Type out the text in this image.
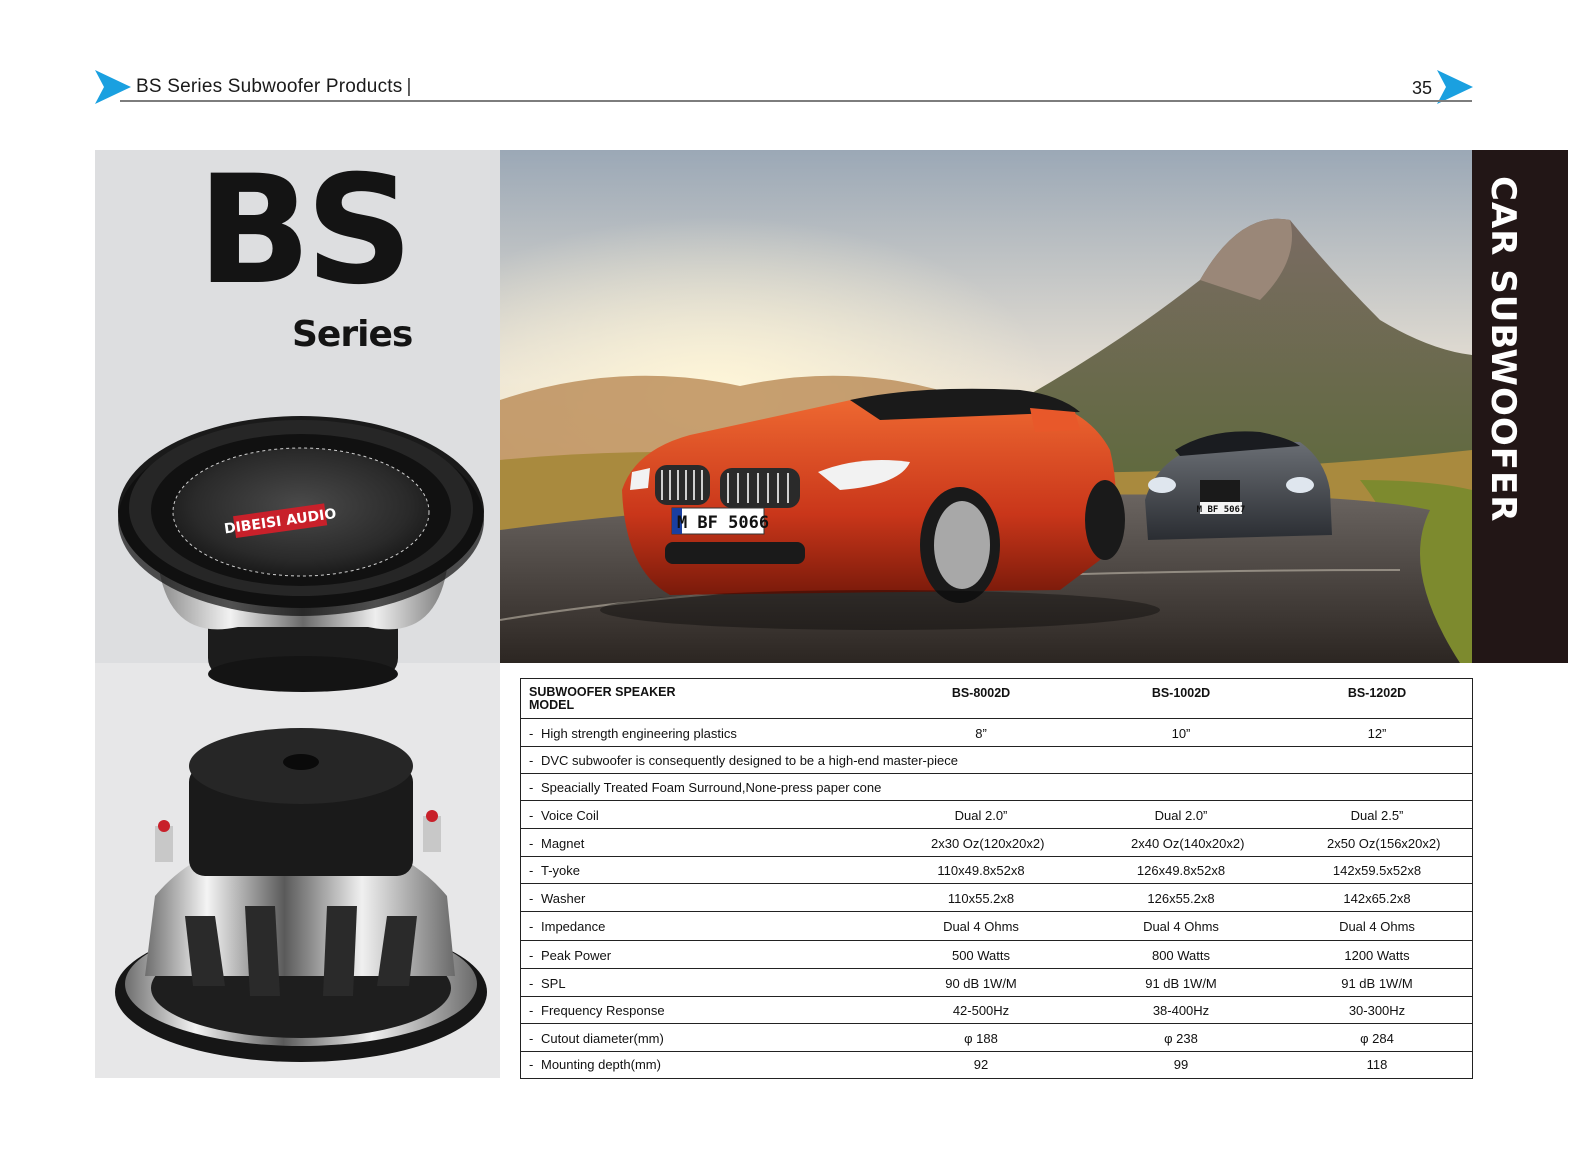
BS Series Subwoofer Products |	35
BS
Series
DIBEISI AUDIO	M BF 5067
M BF 5066
CAR SUBWOOFER
SUBWOOFER SPEAKER
MODEL
BS-8002D	BS-1002D	BS-1202D
- High strength engineering plastics	8”	10”	12”
- DVC subwoofer is consequently designed to be a high-end master-piece
- Speacially Treated Foam Surround,None-press paper cone
- Voice Coil	Dual 2.0”	Dual 2.0”	Dual 2.5”
- Magnet	2x30 Oz(120x20x2)	2x40 Oz(140x20x2)	2x50 Oz(156x20x2)
- T-yoke	110x49.8x52x8	126x49.8x52x8	142x59.5x52x8
- Washer	110x55.2x8	126x55.2x8	142x65.2x8
- Impedance	Dual 4 Ohms	Dual 4 Ohms	Dual 4 Ohms
- Peak Power	500 Watts	800 Watts	1200 Watts
- SPL	90 dB 1W/M	91 dB 1W/M	91 dB 1W/M
- Frequency Response	42-500Hz	38-400Hz	30-300Hz
- Cutout diameter(mm)	φ 188	φ 238	φ 284
- Mounting depth(mm)	92	99	118
